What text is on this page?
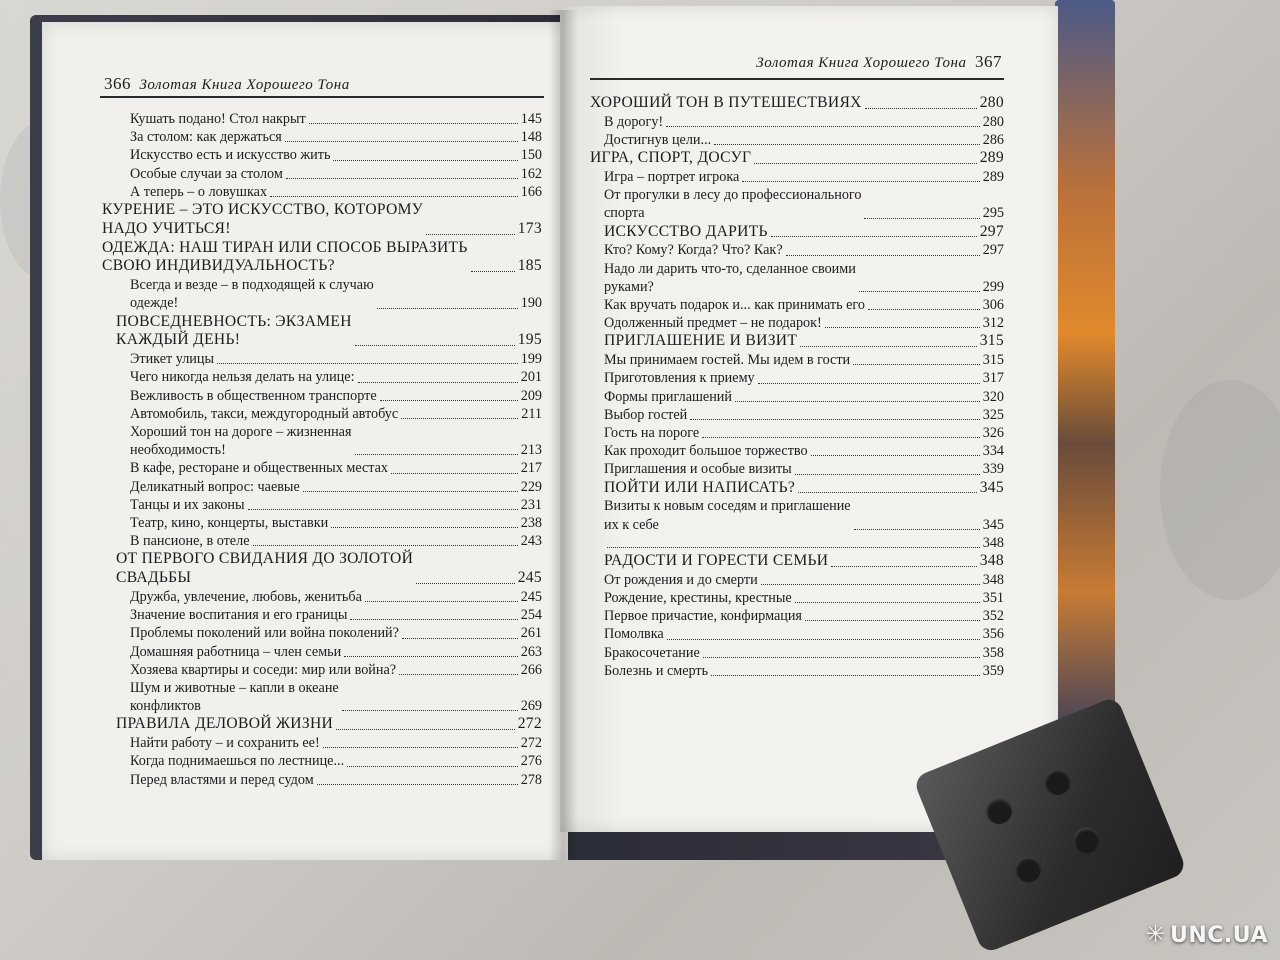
366 Золотая Книга Хорошего Тона
Кушать подано! Стол накрыт	145
За столом: как держаться	148
Искусство есть и искусство жить	150
Особые случаи за столом	162
А теперь – о ловушках	166
КУРЕНИЕ – ЭТО ИСКУССТВО, КОТОРОМУ
НАДО УЧИТЬСЯ!	173
ОДЕЖДА: НАШ ТИРАН ИЛИ СПОСОБ ВЫРАЗИТЬ
СВОЮ ИНДИВИДУАЛЬНОСТЬ?	185
Всегда и везде – в подходящей к случаю
одежде!	190
ПОВСЕДНЕВНОСТЬ: ЭКЗАМЕН
КАЖДЫЙ ДЕНЬ!	195
Этикет улицы	199
Чего никогда нельзя делать на улице:	201
Вежливость в общественном транспорте	209
Автомобиль, такси, междугородный автобус	211
Хороший тон на дороге – жизненная
необходимость!	213
В кафе, ресторане и общественных местах	217
Деликатный вопрос: чаевые	229
Танцы и их законы	231
Театр, кино, концерты, выставки	238
В пансионе, в отеле	243
ОТ ПЕРВОГО СВИДАНИЯ ДО ЗОЛОТОЙ
СВАДЬБЫ	245
Дружба, увлечение, любовь, женитьба	245
Значение воспитания и его границы	254
Проблемы поколений или война поколений?	261
Домашняя работница – член семьи	263
Хозяева квартиры и соседи: мир или война?	266
Шум и животные – капли в океане
конфликтов	269
ПРАВИЛА ДЕЛОВОЙ ЖИЗНИ	272
Найти работу – и сохранить ее!	272
Когда поднимаешься по лестнице...	276
Перед властями и перед судом	278
Золотая Книга Хорошего Тона 367
ХОРОШИЙ ТОН В ПУТЕШЕСТВИЯХ	280
В дорогу!	280
Достигнув цели...	286
ИГРА, СПОРТ, ДОСУГ	289
Игра – портрет игрока	289
От прогулки в лесу до профессионального
спорта	295
ИСКУССТВО ДАРИТЬ	297
Кто? Кому? Когда? Что? Как?	297
Надо ли дарить что-то, сделанное своими
руками?	299
Как вручать подарок и... как принимать его	306
Одолженный предмет – не подарок!	312
ПРИГЛАШЕНИЕ И ВИЗИТ	315
Мы принимаем гостей. Мы идем в гости	315
Приготовления к приему	317
Формы приглашений	320
Выбор гостей	325
Гость на пороге	326
Как проходит большое торжество	334
Приглашения и особые визиты	339
ПОЙТИ ИЛИ НАПИСАТЬ?	345
Визиты к новым соседям и приглашение
их к себе	345
348
РАДОСТИ И ГОРЕСТИ СЕМЬИ	348
От рождения и до смерти	348
Рождение, крестины, крестные	351
Первое причастие, конфирмация	352
Помолвка	356
Бракосочетание	358
Болезнь и смерть	359
✳ UNC.UA
